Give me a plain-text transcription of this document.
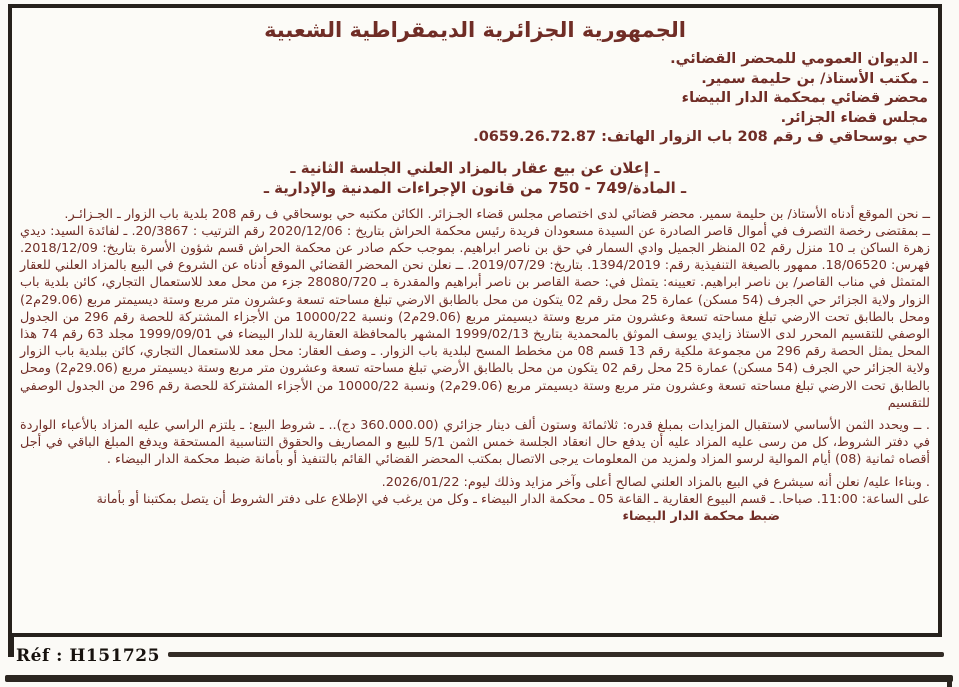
الجمهورية الجزائرية الديمقراطية الشعبية
ـ الديوان العمومي للمحضر القضائي.
ـ مكتب الأستاذ/ بن حليمة سمير.
محضر قضائي بمحكمة الدار البيضاء
مجلس قضاء الجزائر.
حي بوسحاقي ف رقم 208 باب الزوار الهاتف: 0659.26.72.87.
ـ إعلان عن بيع عقار بالمزاد العلني الجلسة الثانية ـ
ـ المادة/749 - 750 من قانون الإجراءات المدنية والإدارية ـ

ــ نحن الموقع أدناه الأستاذ/ بن حليمة سمير. محضر قضائي لدى اختصاص مجلس قضاء الجـزائر. الكائن مكتبه حي بوسحاقي ف رقم 208 بلدية باب الزوار ـ الجـزائـر.

ــ بمقتضى رخصة التصرف في أموال قاصر الصادرة عن السيدة مسعودان فريدة رئيس محكمة الحراش بتاريخ : 2020/12/06 رقم الترتيب : 20/3867. ـ لفائدة السيد: ديدي زهرة الساكن بـ 10 منزل رقم 02 المنظر الجميل وادي السمار في حق بن ناصر ابراهيم. بموجب حكم صادر عن محكمة الحراش قسم شؤون الأسرة بتاريخ: 2018/12/09. فهرس: 18/06520. ممهور بالصيغة التنفيذية رقم: 1394/2019. بتاريخ: 2019/07/29. ــ نعلن نحن المحضر القضائي الموقع أدناه عن الشروع في البيع بالمزاد العلني للعقار المتمثل في مناب القاصر/ بن ناصر ابراهيم. تعيينه: يتمثل في: حصة القاصر بن ناصر أبراهيم والمقدرة بـ 28080/720 جزء من محل معد للاستعمال التجاري، كائن بلدية باب الزوار ولاية الجزائر حي الجرف (54 مسكن) عمارة 25 محل رقم 02 يتكون من محل بالطابق الارضي تبلغ مساحته تسعة وعشرون متر مربع وستة ديسيمتر مربع (29.06م2) ومحل بالطابق تحت الارضي تبلغ مساحته تسعة وعشرون متر مربع وستة ديسيمتر مربع (29.06م2) ونسبة 10000/22 من الأجزاء المشتركة للحصة رقم 296 من الجدول الوصفي للتقسيم المحرر لدى الاستاذ زايدي يوسف الموثق بالمحمدية بتاريخ 1999/02/13 المشهر بالمحافظة العقارية للدار البيضاء في 1999/09/01 مجلد 63 رقم 74 هذا المحل يمثل الحصة رقم 296 من مجموعة ملكية رقم 13 قسم 08 من مخطط المسح لبلدية باب الزوار. ـ وصف العقار: محل معد للاستعمال التجاري، كائن ببلدية باب الزوار ولاية الجزائر حي الجرف (54 مسكن) عمارة 25 محل رقم 02 يتكون من محل بالطابق الأرضي تبلغ مساحته تسعة وعشرون متر مربع وستة ديسيمتر مربع (29.06م2) ومحل بالطابق تحت الارضي تبلغ مساحته تسعة وعشرون متر مربع وستة ديسيمتر مربع (29.06م2) ونسبة 10000/22 من الأجزاء المشتركة للحصة رقم 296 من الجدول الوصفي للتقسيم

. ــ ويحدد الثمن الأساسي لاستقبال المزايدات بمبلغ قدره: ثلاثمائة وستون ألف دينار جزائري (360.000.00 دج).. ـ شروط البيع: ـ يلتزم الراسي عليه المزاد بالأعباء الواردة في دفتر الشروط، كل من رسى عليه المزاد عليه أن يدفع حال انعقاد الجلسة خمس الثمن 5/1 للبيع و المصاريف والحقوق التناسبية المستحقة ويدفع المبلغ الباقي في أجل أقصاه ثمانية (08) أيام الموالية لرسو المزاد ولمزيد من المعلومات يرجى الاتصال بمكتب المحضر القضائي القائم بالتنفيذ أو بأمانة ضبط محكمة الدار البيضاء .

. وبناءا عليه/ نعلن أنه سيشرع في البيع بالمزاد العلني لصالح أعلى وآخر مزايد وذلك ليوم: 2026/01/22.

على الساعة: 11:00. صباحا. ـ قسم البيوع العقارية ـ القاعة 05 ـ محكمة الدار البيضاء ـ وكل من يرغب في الإطلاع على دفتر الشروط أن يتصل بمكتبنا أو بأمانة

ضبط محكمة الدار البيضاء

Réf : H151725
